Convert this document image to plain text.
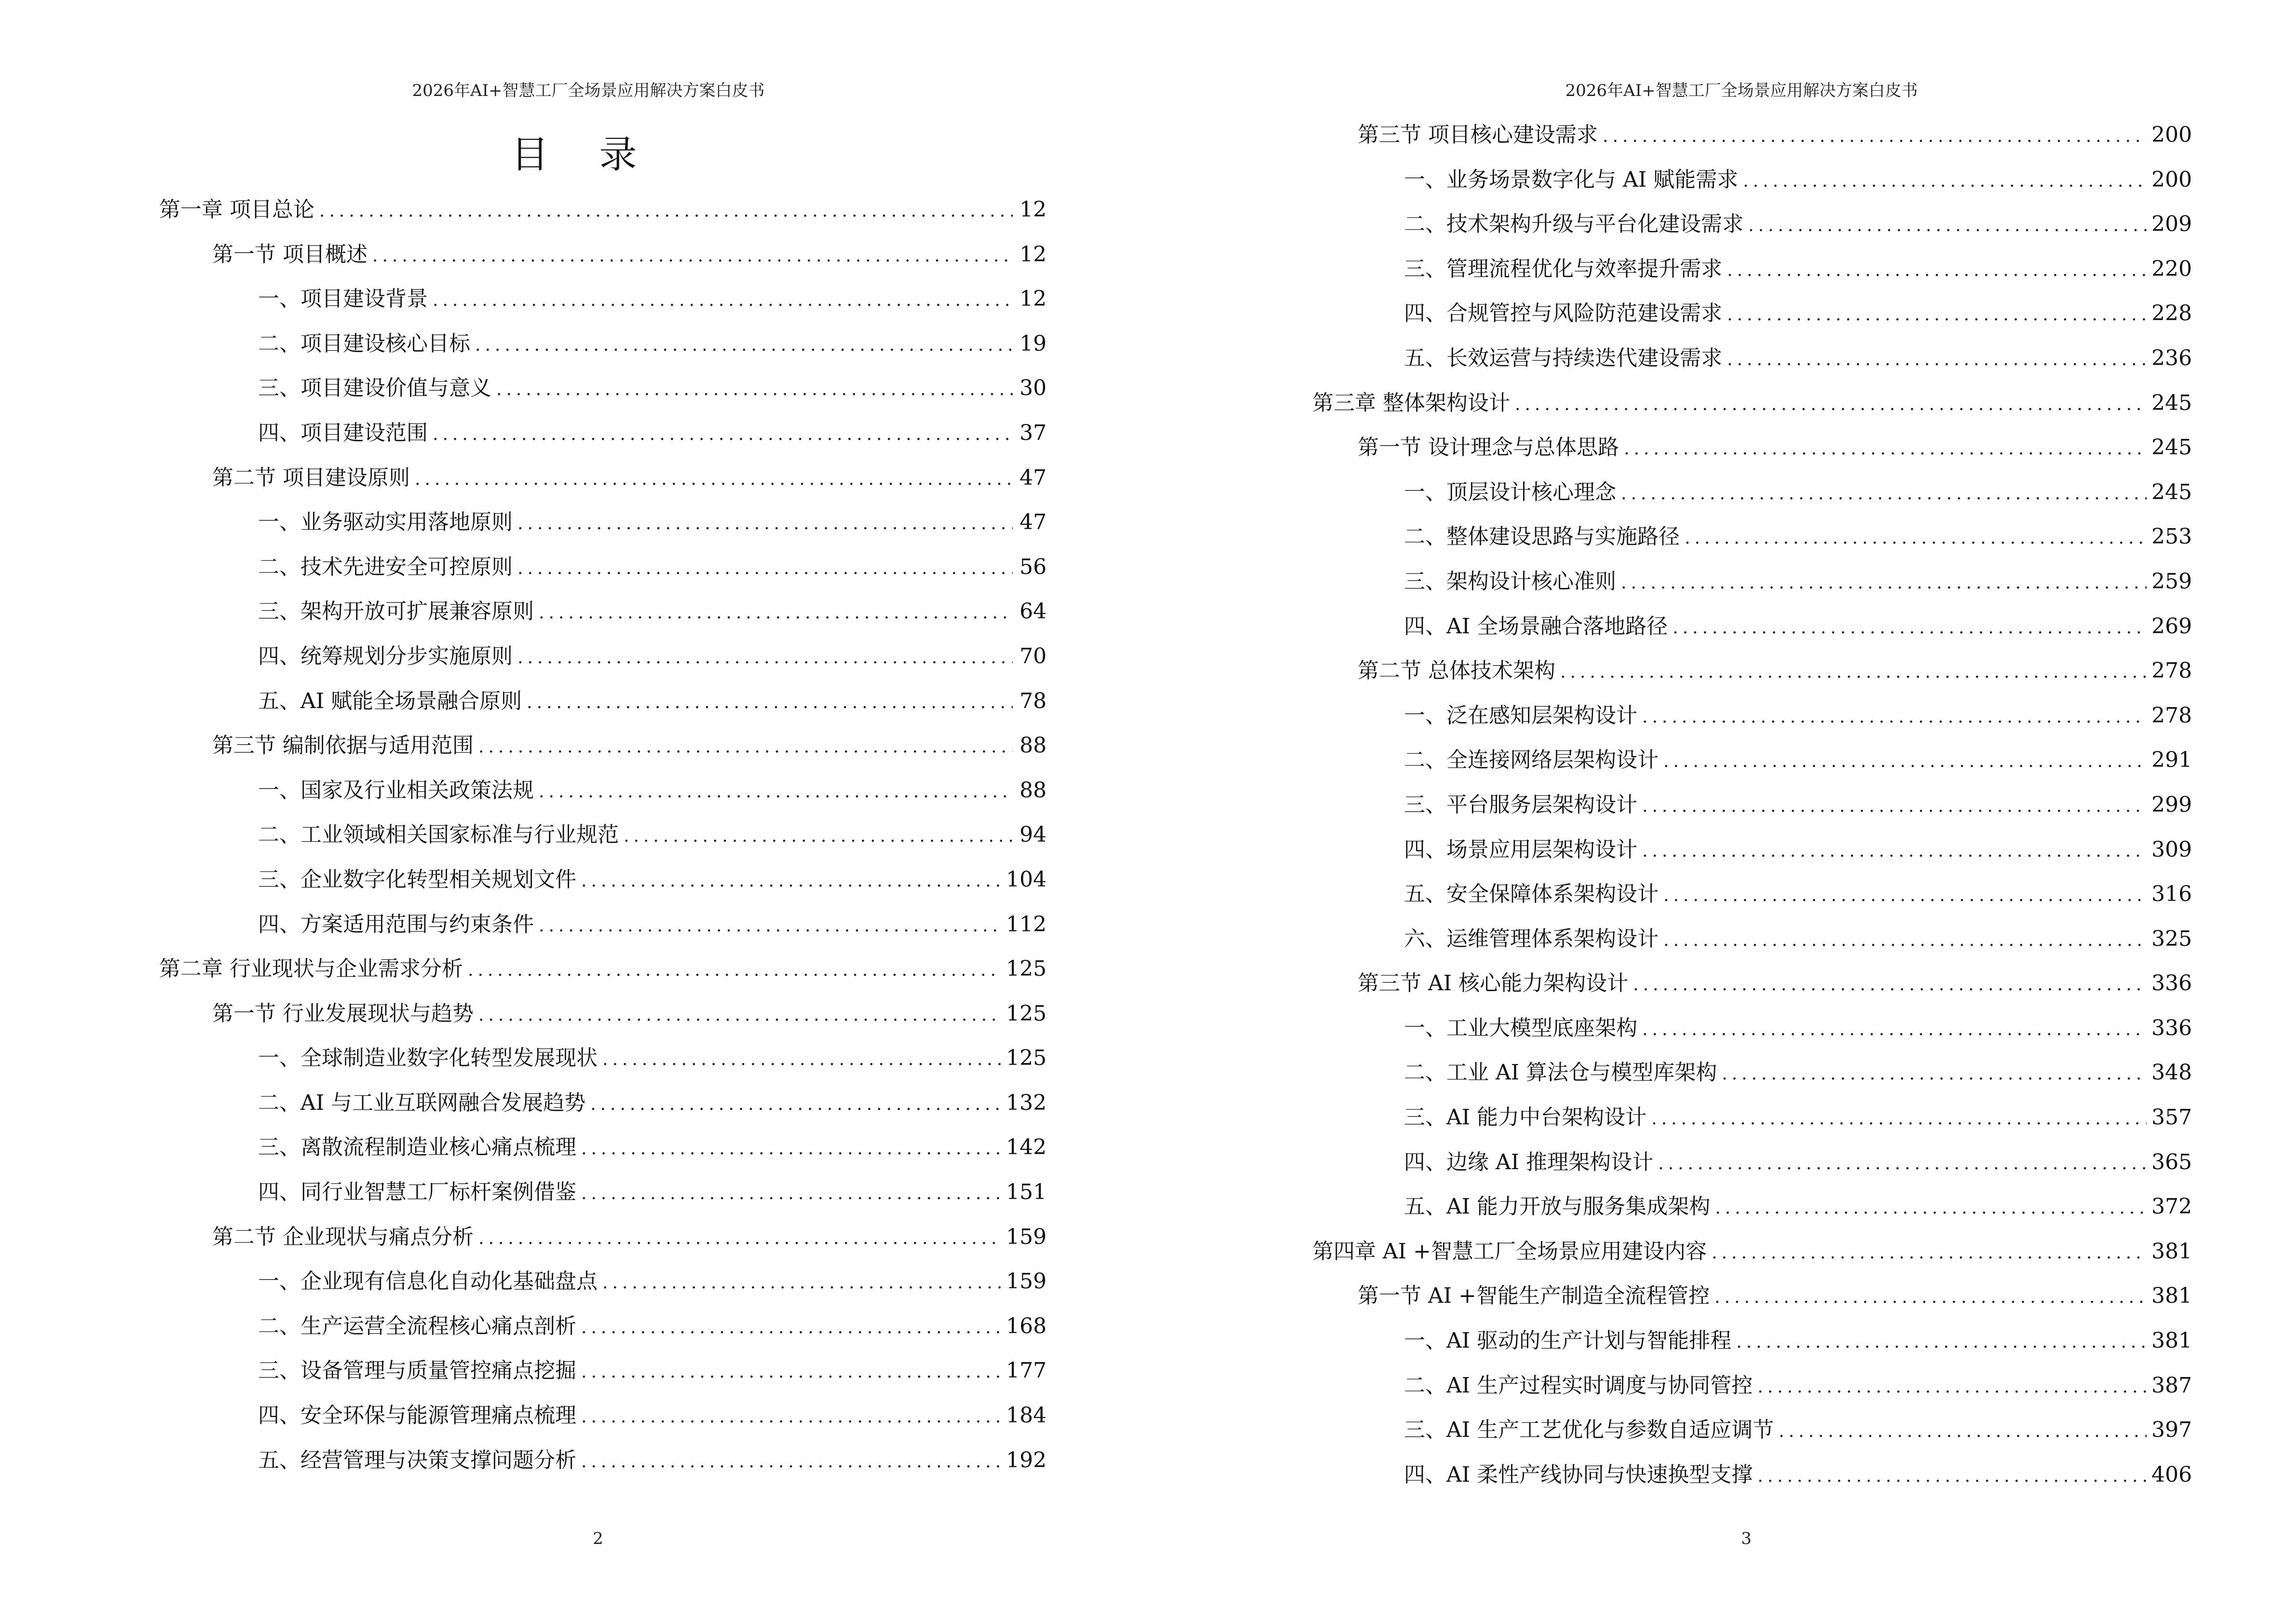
2026年AI+智慧工厂全场景应用解决方案白皮书
目 录
第一章 项目总论 .....	12
第一节 项目概述 .....	12
一、项目建设背景 .....	12
二、项目建设核心目标 .....	19
三、项目建设价值与意义 .....	30
四、项目建设范围 .....	37
第二节 项目建设原则 .....	47
一、业务驱动实用落地原则 .....	47
二、技术先进安全可控原则 .....	56
三、架构开放可扩展兼容原则 .....	64
四、统筹规划分步实施原则 .....	70
五、AI 赋能全场景融合原则 .....	78
第三节 编制依据与适用范围 .....	88
一、国家及行业相关政策法规 .....	88
二、工业领域相关国家标准与行业规范 .....	94
三、企业数字化转型相关规划文件 .....	104
四、方案适用范围与约束条件 .....	112
第二章 行业现状与企业需求分析 .....	125
第一节 行业发展现状与趋势 .....	125
一、全球制造业数字化转型发展现状 .....	125
二、AI 与工业互联网融合发展趋势 .....	132
三、离散流程制造业核心痛点梳理 .....	142
四、同行业智慧工厂标杆案例借鉴 .....	151
第二节 企业现状与痛点分析 .....	159
一、企业现有信息化自动化基础盘点 .....	159
二、生产运营全流程核心痛点剖析 .....	168
三、设备管理与质量管控痛点挖掘 .....	177
四、安全环保与能源管理痛点梳理 .....	184
五、经营管理与决策支撑问题分析 .....	192
2
2026年AI+智慧工厂全场景应用解决方案白皮书
第三节 项目核心建设需求 .....	200
一、业务场景数字化与 AI 赋能需求 .....	200
二、技术架构升级与平台化建设需求 .....	209
三、管理流程优化与效率提升需求 .....	220
四、合规管控与风险防范建设需求 .....	228
五、长效运营与持续迭代建设需求 .....	236
第三章 整体架构设计 .....	245
第一节 设计理念与总体思路 .....	245
一、顶层设计核心理念 .....	245
二、整体建设思路与实施路径 .....	253
三、架构设计核心准则 .....	259
四、AI 全场景融合落地路径 .....	269
第二节 总体技术架构 .....	278
一、泛在感知层架构设计 .....	278
二、全连接网络层架构设计 .....	291
三、平台服务层架构设计 .....	299
四、场景应用层架构设计 .....	309
五、安全保障体系架构设计 .....	316
六、运维管理体系架构设计 .....	325
第三节 AI 核心能力架构设计 .....	336
一、工业大模型底座架构 .....	336
二、工业 AI 算法仓与模型库架构 .....	348
三、AI 能力中台架构设计 .....	357
四、边缘 AI 推理架构设计 .....	365
五、AI 能力开放与服务集成架构 .....	372
第四章 AI +智慧工厂全场景应用建设内容 .....	381
第一节 AI +智能生产制造全流程管控 .....	381
一、AI 驱动的生产计划与智能排程 .....	381
二、AI 生产过程实时调度与协同管控 .....	387
三、AI 生产工艺优化与参数自适应调节 .....	397
四、AI 柔性产线协同与快速换型支撑 .....	406
3
